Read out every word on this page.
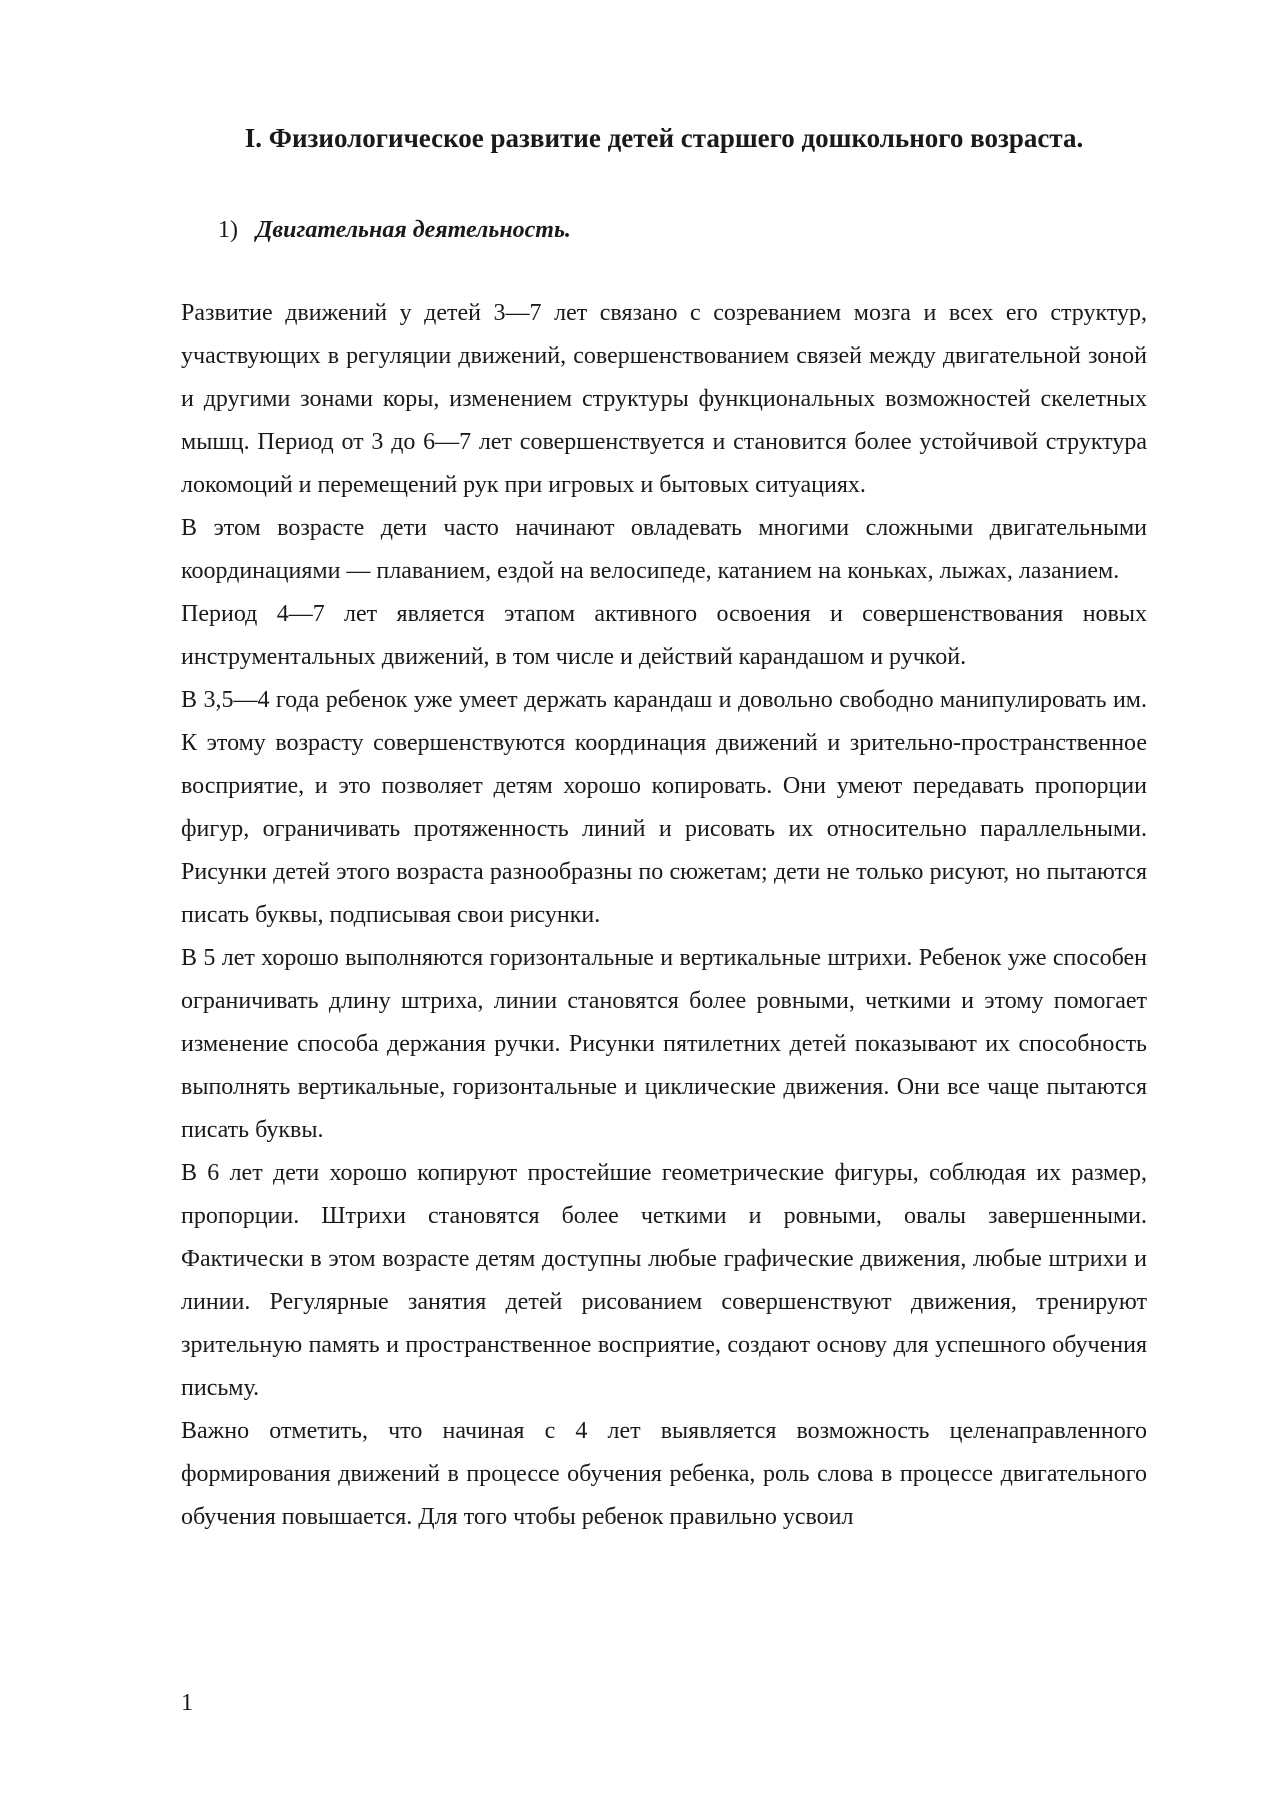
I. Физиологическое развитие детей старшего дошкольного возраста.
1) Двигательная деятельность.

Развитие движений у детей 3—7 лет связано с созреванием мозга и всех его структур, участвующих в регуляции движений, совершенствованием связей между двигательной зоной и другими зонами коры, изменением структуры функциональных возможностей скелетных мышц. Период от 3 до 6—7 лет совершенствуется и становится более устойчивой структура локомоций и перемещений рук при игровых и бытовых ситуациях.

В этом возрасте дети часто начинают овладевать многими сложными двигательными координациями — плаванием, ездой на велосипеде, катанием на коньках, лыжах, лазанием.

Период 4—7 лет является этапом активного освоения и совершенствования новых инструментальных движений, в том числе и действий карандашом и ручкой.

В 3,5—4 года ребенок уже умеет держать карандаш и довольно свободно манипулировать им. К этому возрасту совершенствуются координация движений и зрительно-пространственное восприятие, и это позволяет детям хорошо копировать. Они умеют передавать пропорции фигур, ограничивать протяженность линий и рисовать их относительно параллельными. Рисунки детей этого возраста разнообразны по сюжетам; дети не только рисуют, но пытаются писать буквы, подписывая свои рисунки.

В 5 лет хорошо выполняются горизонтальные и вертикальные штрихи. Ребенок уже способен ограничивать длину штриха, линии становятся более ровными, четкими и этому помогает изменение способа держания ручки. Рисунки пятилетних детей показывают их способность выполнять вертикальные, горизонтальные и циклические движения. Они все чаще пытаются писать буквы.

В 6 лет дети хорошо копируют простейшие геометрические фигуры, соблюдая их размер, пропорции. Штрихи становятся более четкими и ровными, овалы завершенными. Фактически в этом возрасте детям доступны любые графические движения, любые штрихи и линии. Регулярные занятия детей рисованием совершенствуют движения, тренируют зрительную память и пространственное восприятие, создают основу для успешного обучения письму.

Важно отметить, что начиная с 4 лет выявляется возможность целенаправленного формирования движений в процессе обучения ребенка, роль слова в процессе двигательного обучения повышается. Для того чтобы ребенок правильно усвоил

1
